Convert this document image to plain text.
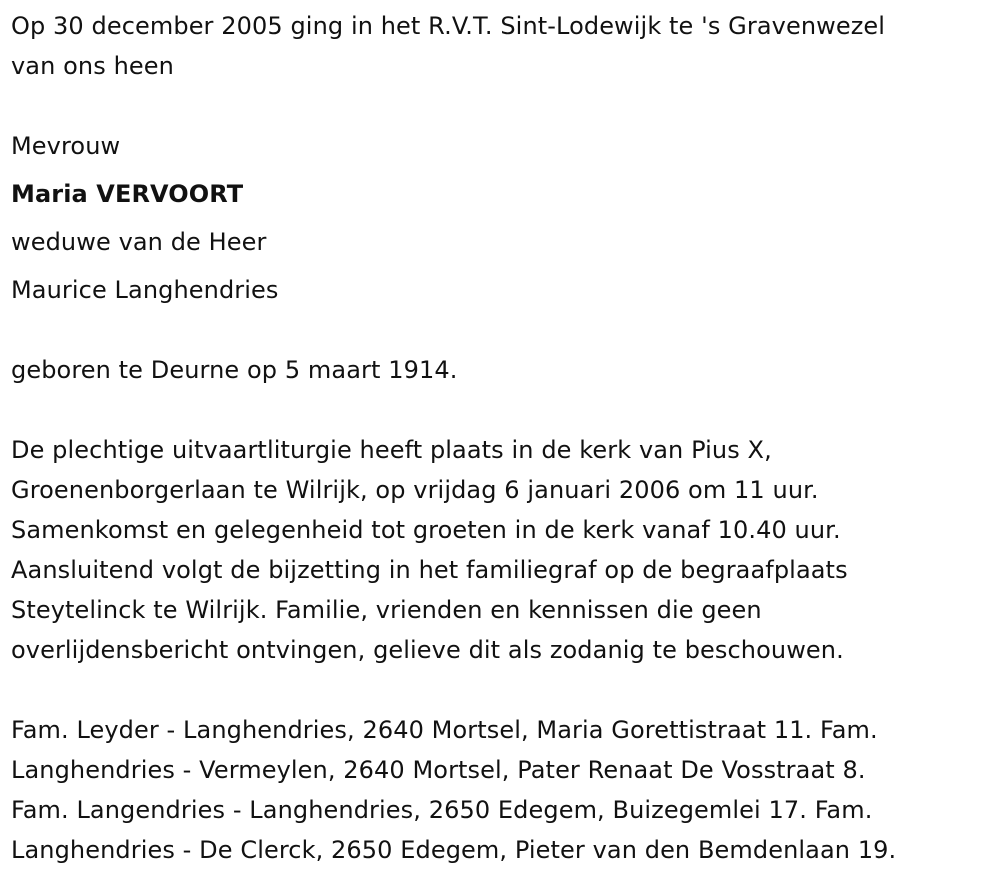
Op 30 december 2005 ging in het R.V.T. Sint-Lodewijk te 's Gravenwezel
van ons heen
Mevrouw
Maria VERVOORT
weduwe van de Heer
Maurice Langhendries
geboren te Deurne op 5 maart 1914.
De plechtige uitvaartliturgie heeft plaats in de kerk van Pius X,
Groenenborgerlaan te Wilrijk, op vrijdag 6 januari 2006 om 11 uur.
Samenkomst en gelegenheid tot groeten in de kerk vanaf 10.40 uur.
Aansluitend volgt de bijzetting in het familiegraf op de begraafplaats
Steytelinck te Wilrijk. Familie, vrienden en kennissen die geen
overlijdensbericht ontvingen, gelieve dit als zodanig te beschouwen.
Fam. Leyder - Langhendries, 2640 Mortsel, Maria Gorettistraat 11. Fam.
Langhendries - Vermeylen, 2640 Mortsel, Pater Renaat De Vosstraat 8.
Fam. Langendries - Langhendries, 2650 Edegem, Buizegemlei 17. Fam.
Langhendries - De Clerck, 2650 Edegem, Pieter van den Bemdenlaan 19.
